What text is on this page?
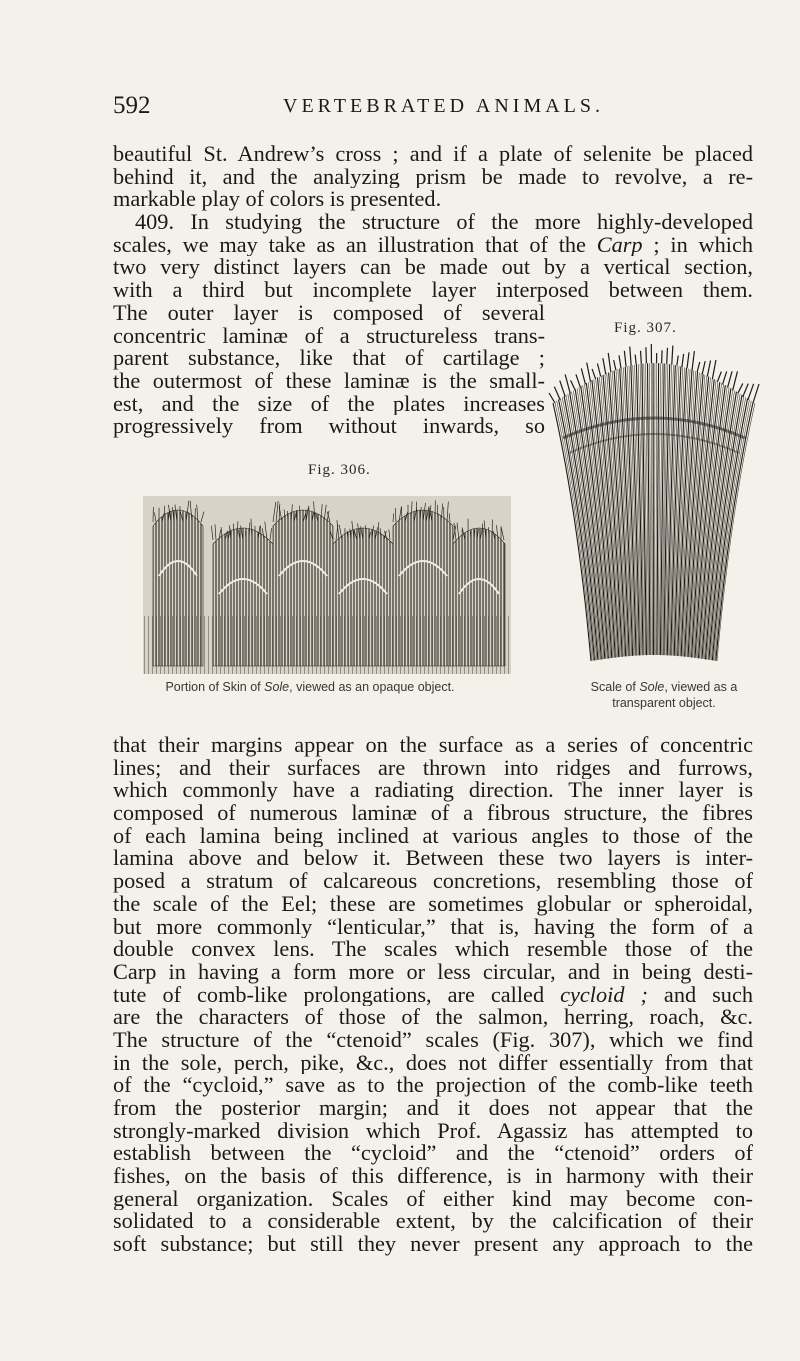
592	VERTEBRATED ANIMALS.
beautiful St. Andrew’s cross ; and if a plate of selenite be placed
behind it, and the analyzing prism be made to revolve, a re-
markable play of colors is presented.
409. In studying the structure of the more highly-developed
scales, we may take as an illustration that of the Carp ; in which
two very distinct layers can be made out by a vertical section,
with a third but incomplete layer interposed between them.
The outer layer is composed of several
concentric laminæ of a structureless trans-
parent substance, like that of cartilage ;
the outermost of these laminæ is the small-
est, and the size of the plates increases
progressively from without inwards, so
Fig. 307.
Fig. 306.
Portion of Skin of Sole, viewed as an opaque object.	Scale of Sole, viewed as a transparent object.
that their margins appear on the surface as a series of concentric
lines; and their surfaces are thrown into ridges and furrows,
which commonly have a radiating direction. The inner layer is
composed of numerous laminæ of a fibrous structure, the fibres
of each lamina being inclined at various angles to those of the
lamina above and below it. Between these two layers is inter-
posed a stratum of calcareous concretions, resembling those of
the scale of the Eel; these are sometimes globular or spheroidal,
but more commonly “lenticular,” that is, having the form of a
double convex lens. The scales which resemble those of the
Carp in having a form more or less circular, and in being desti-
tute of comb-like prolongations, are called cycloid ; and such
are the characters of those of the salmon, herring, roach, &c.
The structure of the “ctenoid” scales (Fig. 307), which we find
in the sole, perch, pike, &c., does not differ essentially from that
of the “cycloid,” save as to the projection of the comb-like teeth
from the posterior margin; and it does not appear that the
strongly-marked division which Prof. Agassiz has attempted to
establish between the “cycloid” and the “ctenoid” orders of
fishes, on the basis of this difference, is in harmony with their
general organization. Scales of either kind may become con-
solidated to a considerable extent, by the calcification of their
soft substance; but still they never present any approach to the
